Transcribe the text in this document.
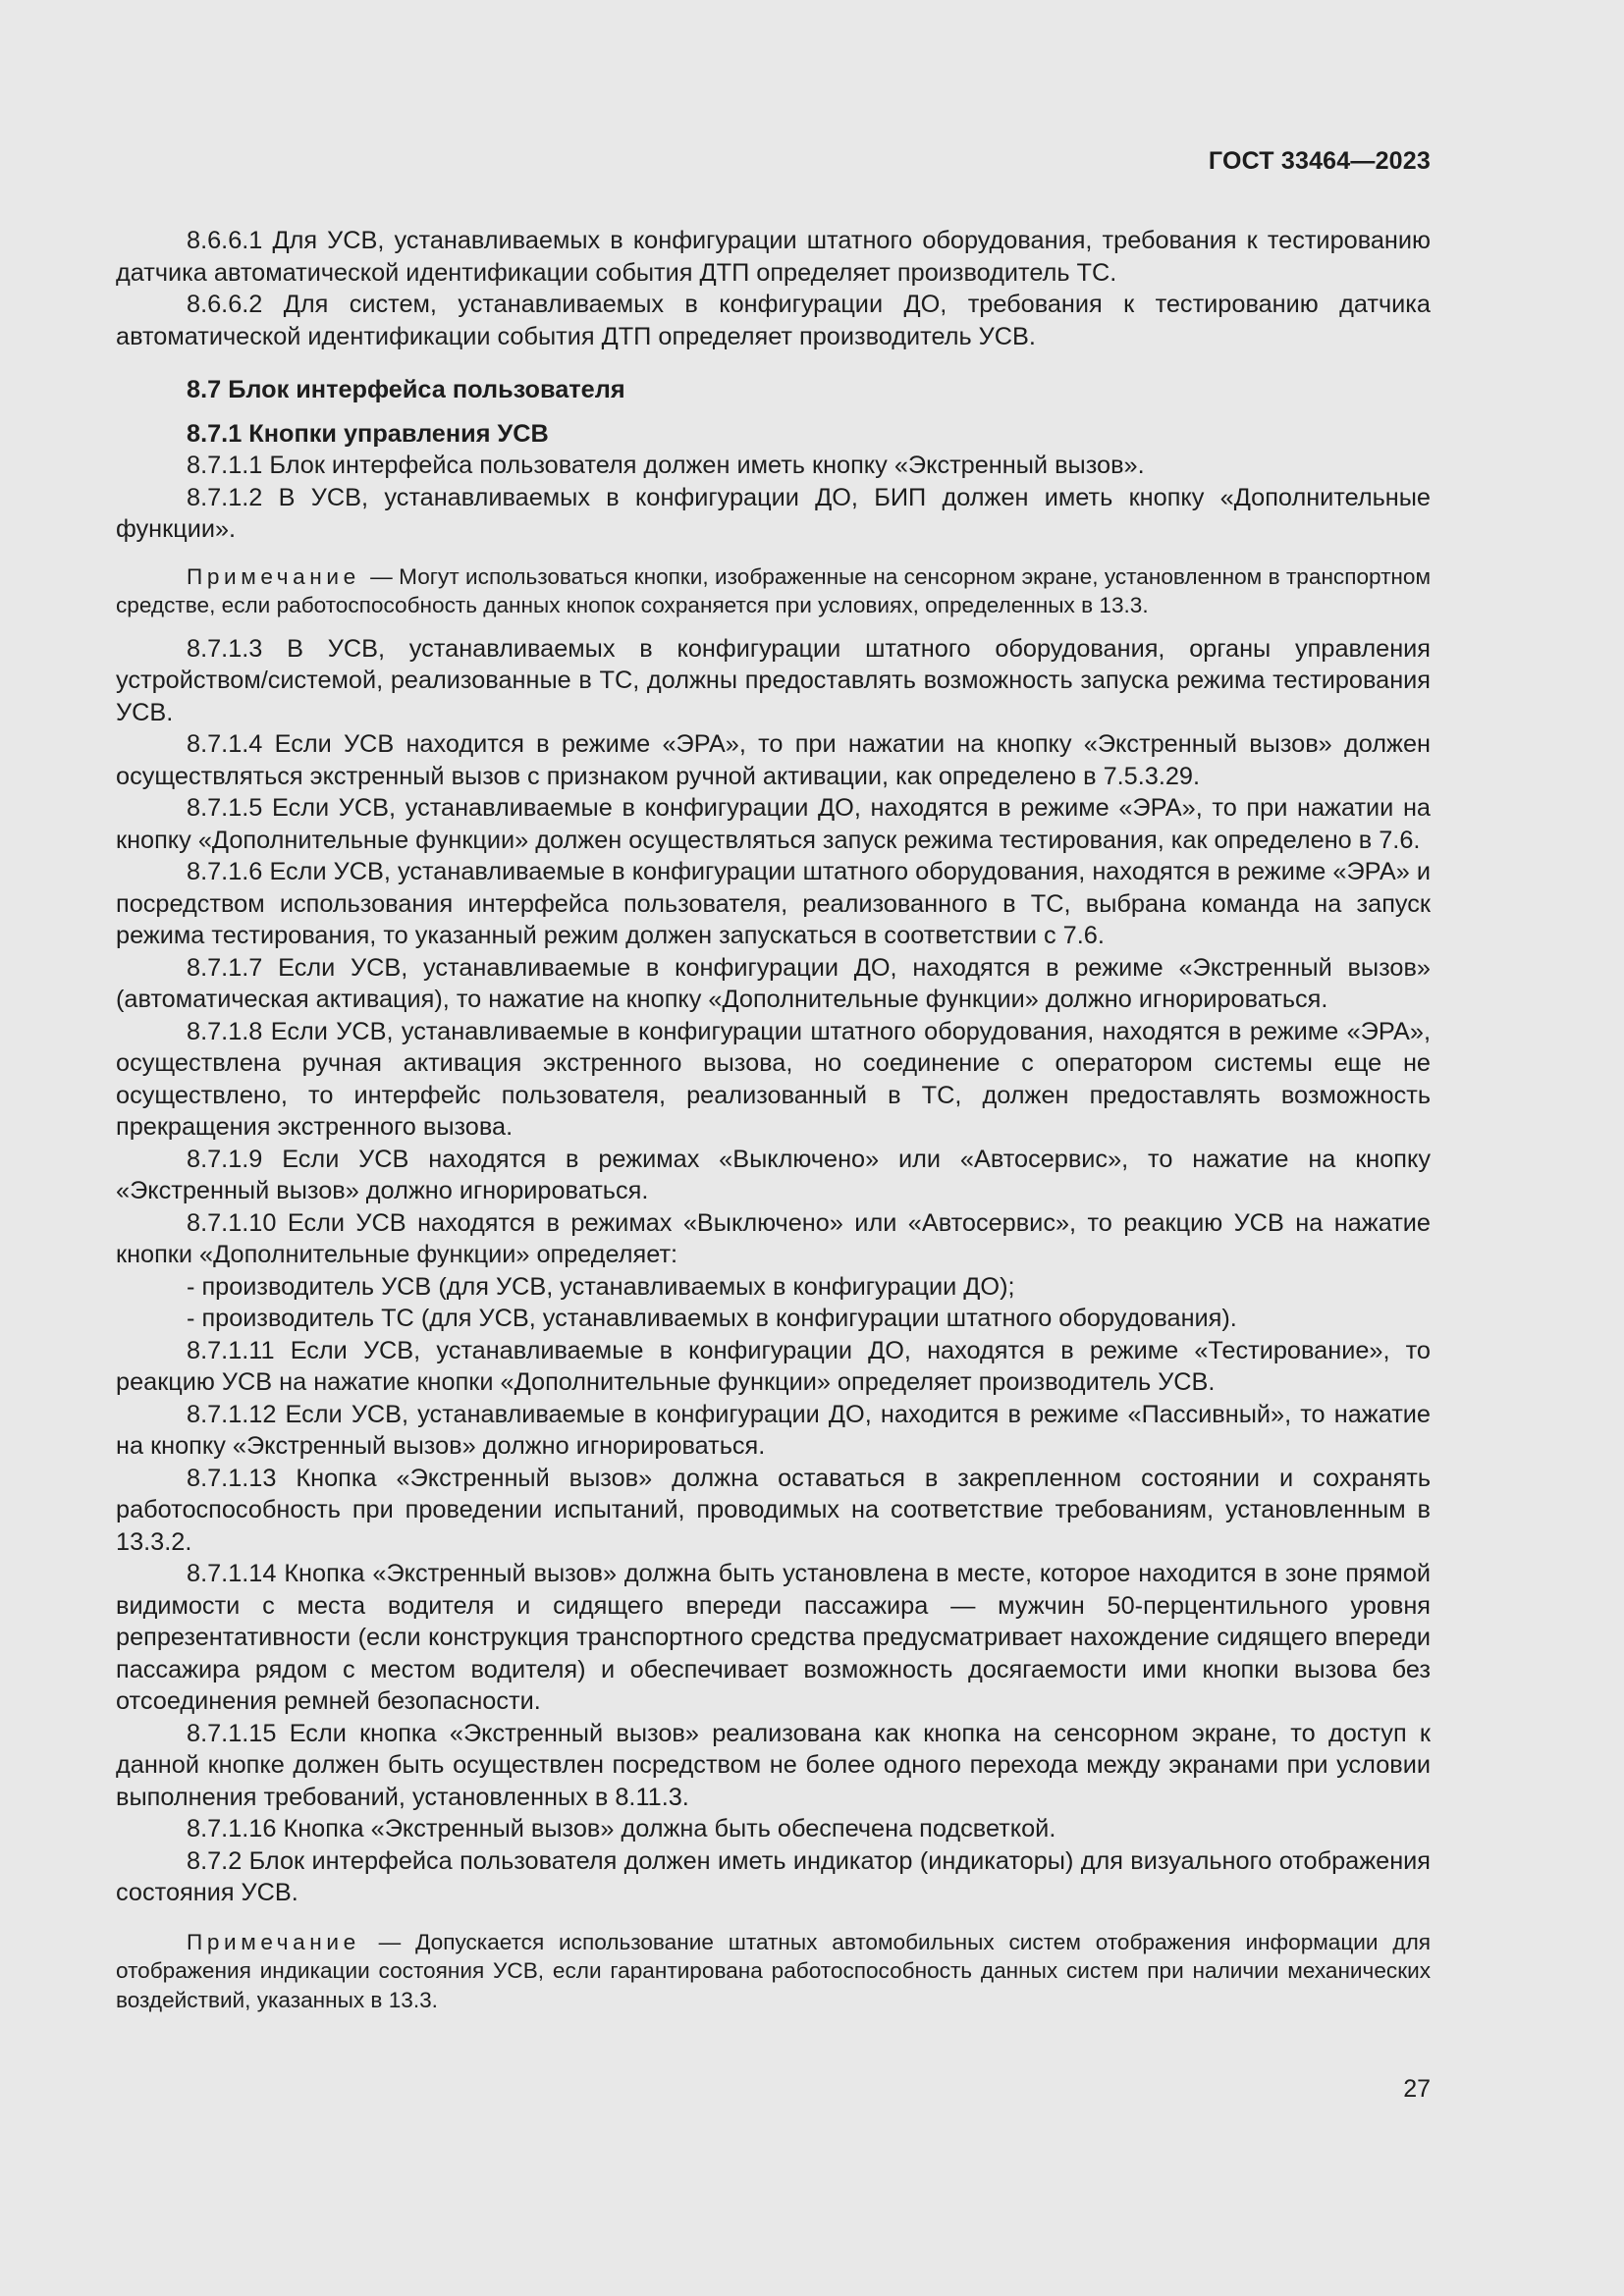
ГОСТ 33464—2023

8.6.6.1 Для УСВ, устанавливаемых в конфигурации штатного оборудования, требования к тестированию датчика автоматической идентификации события ДТП определяет производитель ТС.

8.6.6.2 Для систем, устанавливаемых в конфигурации ДО, требования к тестированию датчика автоматической идентификации события ДТП определяет производитель УСВ.

8.7 Блок интерфейса пользователя

8.7.1 Кнопки управления УСВ

8.7.1.1 Блок интерфейса пользователя должен иметь кнопку «Экстренный вызов».

8.7.1.2 В УСВ, устанавливаемых в конфигурации ДО, БИП должен иметь кнопку «Дополнительные функции».

Примечание — Могут использоваться кнопки, изображенные на сенсорном экране, установленном в транспортном средстве, если работоспособность данных кнопок сохраняется при условиях, определенных в 13.3.

8.7.1.3 В УСВ, устанавливаемых в конфигурации штатного оборудования, органы управления устройством/системой, реализованные в ТС, должны предоставлять возможность запуска режима тестирования УСВ.

8.7.1.4 Если УСВ находится в режиме «ЭРА», то при нажатии на кнопку «Экстренный вызов» должен осуществляться экстренный вызов с признаком ручной активации, как определено в 7.5.3.29.

8.7.1.5 Если УСВ, устанавливаемые в конфигурации ДО, находятся в режиме «ЭРА», то при нажатии на кнопку «Дополнительные функции» должен осуществляться запуск режима тестирования, как определено в 7.6.

8.7.1.6 Если УСВ, устанавливаемые в конфигурации штатного оборудования, находятся в режиме «ЭРА» и посредством использования интерфейса пользователя, реализованного в ТС, выбрана команда на запуск режима тестирования, то указанный режим должен запускаться в соответствии с 7.6.

8.7.1.7 Если УСВ, устанавливаемые в конфигурации ДО, находятся в режиме «Экстренный вызов» (автоматическая активация), то нажатие на кнопку «Дополнительные функции» должно игнорироваться.

8.7.1.8 Если УСВ, устанавливаемые в конфигурации штатного оборудования, находятся в режиме «ЭРА», осуществлена ручная активация экстренного вызова, но соединение с оператором системы еще не осуществлено, то интерфейс пользователя, реализованный в ТС, должен предоставлять возможность прекращения экстренного вызова.

8.7.1.9 Если УСВ находятся в режимах «Выключено» или «Автосервис», то нажатие на кнопку «Экстренный вызов» должно игнорироваться.

8.7.1.10 Если УСВ находятся в режимах «Выключено» или «Автосервис», то реакцию УСВ на нажатие кнопки «Дополнительные функции» определяет:

- производитель УСВ (для УСВ, устанавливаемых в конфигурации ДО);

- производитель ТС (для УСВ, устанавливаемых в конфигурации штатного оборудования).

8.7.1.11 Если УСВ, устанавливаемые в конфигурации ДО, находятся в режиме «Тестирование», то реакцию УСВ на нажатие кнопки «Дополнительные функции» определяет производитель УСВ.

8.7.1.12 Если УСВ, устанавливаемые в конфигурации ДО, находится в режиме «Пассивный», то нажатие на кнопку «Экстренный вызов» должно игнорироваться.

8.7.1.13 Кнопка «Экстренный вызов» должна оставаться в закрепленном состоянии и сохранять работоспособность при проведении испытаний, проводимых на соответствие требованиям, установленным в 13.3.2.

8.7.1.14 Кнопка «Экстренный вызов» должна быть установлена в месте, которое находится в зоне прямой видимости с места водителя и сидящего впереди пассажира — мужчин 50-перцентильного уровня репрезентативности (если конструкция транспортного средства предусматривает нахождение сидящего впереди пассажира рядом с местом водителя) и обеспечивает возможность досягаемости ими кнопки вызова без отсоединения ремней безопасности.

8.7.1.15 Если кнопка «Экстренный вызов» реализована как кнопка на сенсорном экране, то доступ к данной кнопке должен быть осуществлен посредством не более одного перехода между экранами при условии выполнения требований, установленных в 8.11.3.

8.7.1.16 Кнопка «Экстренный вызов» должна быть обеспечена подсветкой.

8.7.2 Блок интерфейса пользователя должен иметь индикатор (индикаторы) для визуального отображения состояния УСВ.

Примечание — Допускается использование штатных автомобильных систем отображения информации для отображения индикации состояния УСВ, если гарантирована работоспособность данных систем при наличии механических воздействий, указанных в 13.3.

27
